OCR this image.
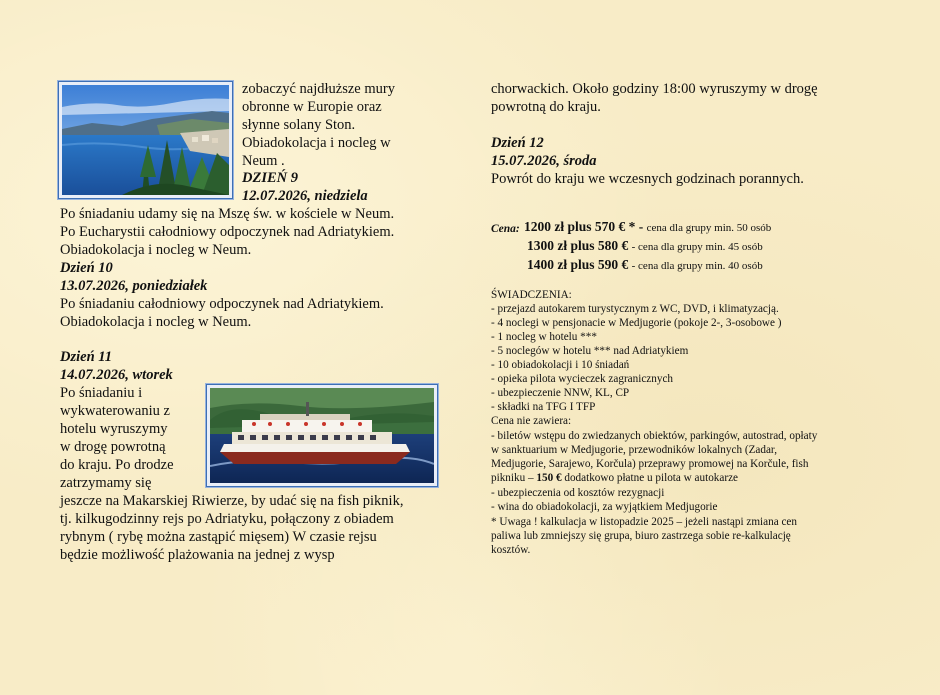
zobaczyć najdłuższe mury
obronne w Europie oraz
słynne solany Ston.
Obiadokolacja i nocleg w
Neum .
DZIEŃ 9
12.07.2026, niedziela
Po śniadaniu udamy się na Mszę św. w kościele w Neum.
Po Eucharystii całodniowy odpoczynek nad Adriatykiem.
Obiadokolacja i nocleg w Neum.
Dzień 10
13.07.2026, poniedziałek
Po śniadaniu całodniowy odpoczynek nad Adriatykiem.
Obiadokolacja i nocleg w Neum.
Dzień 11
14.07.2026, wtorek
Po śniadaniu i
wykwaterowaniu z
hotelu wyruszymy
w drogę powrotną
do kraju. Po drodze
zatrzymamy się
jeszcze na Makarskiej Riwierze, by udać się na fish piknik,
tj. kilkugodzinny rejs po Adriatyku, połączony z obiadem
rybnym ( rybę można zastąpić mięsem) W czasie rejsu
będzie możliwość plażowania na jednej z wysp
chorwackich. Około godziny 18:00 wyruszymy w drogę
powrotną do kraju.
Dzień 12
15.07.2026, środa
Powrót do kraju we wczesnych godzinach porannych.
Cena: 1200 zł plus 570 € * - cena dla grupy min. 50 osób
1300 zł plus 580 € - cena dla grupy min. 45 osób
1400 zł plus 590 € - cena dla grupy min. 40 osób
ŚWIADCZENIA:
- przejazd autokarem turystycznym z WC, DVD, i klimatyzacją.
- 4 noclegi w pensjonacie w Medjugorie (pokoje 2-, 3-osobowe )
- 1 nocleg w hotelu ***
- 5 noclegów w hotelu *** nad Adriatykiem
- 10 obiadokolacji i 10 śniadań
- opieka pilota wycieczek zagranicznych
- ubezpieczenie NNW, KL, CP
- składki na TFG I TFP
Cena nie zawiera:
- biletów wstępu do zwiedzanych obiektów, parkingów, autostrad, opłaty
w sanktuarium w Medjugorie, przewodników lokalnych (Zadar,
Medjugorie, Sarajewo, Korčula) przeprawy promowej na Korčule, fish
pikniku – 150 € dodatkowo płatne u pilota w autokarze
- ubezpieczenia od kosztów rezygnacji
- wina do obiadokolacji, za wyjątkiem Medjugorie
* Uwaga ! kalkulacja w listopadzie 2025 – jeżeli nastąpi zmiana cen
paliwa lub zmniejszy się grupa, biuro zastrzega sobie re-kalkulację
kosztów.
